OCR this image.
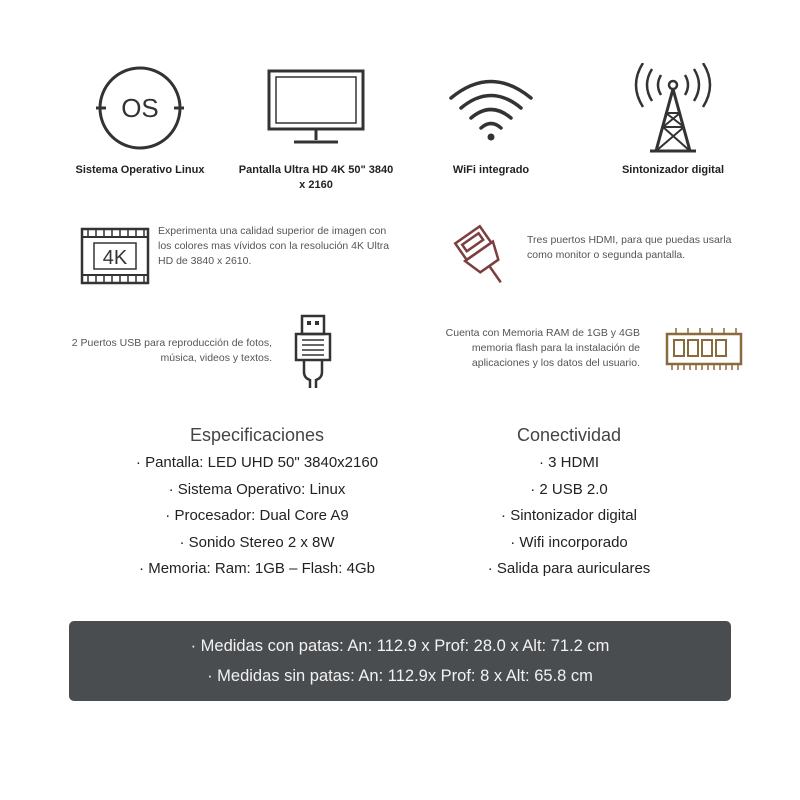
OS
Sistema Operativo Linux	Pantalla Ultra HD 4K 50" 3840 x 2160
WiFi integrado	Sintonizador digital
4K
Experimenta una calidad superior de imagen con los colores mas vívidos con la resolución 4K Ultra HD de 3840 x 2610.
Tres puertos HDMI, para que puedas usarla como monitor o segunda pantalla.
2 Puertos USB para reproducción de fotos, música, videos y textos.
Cuenta con Memoria RAM de 1GB y 4GB memoria flash para la instalación de aplicaciones y los datos del usuario.
Especificaciones
· Pantalla: LED UHD 50" 3840x2160
· Sistema Operativo: Linux
· Procesador: Dual Core A9
· Sonido Stereo 2 x 8W
· Memoria: Ram: 1GB – Flash: 4Gb
Conectividad
· 3 HDMI
· 2 USB 2.0
· Sintonizador digital
· Wifi incorporado
· Salida para auriculares
· Medidas con patas: An: 112.9 x Prof: 28.0 x Alt: 71.2 cm
· Medidas sin patas: An: 112.9x Prof: 8 x Alt: 65.8 cm
